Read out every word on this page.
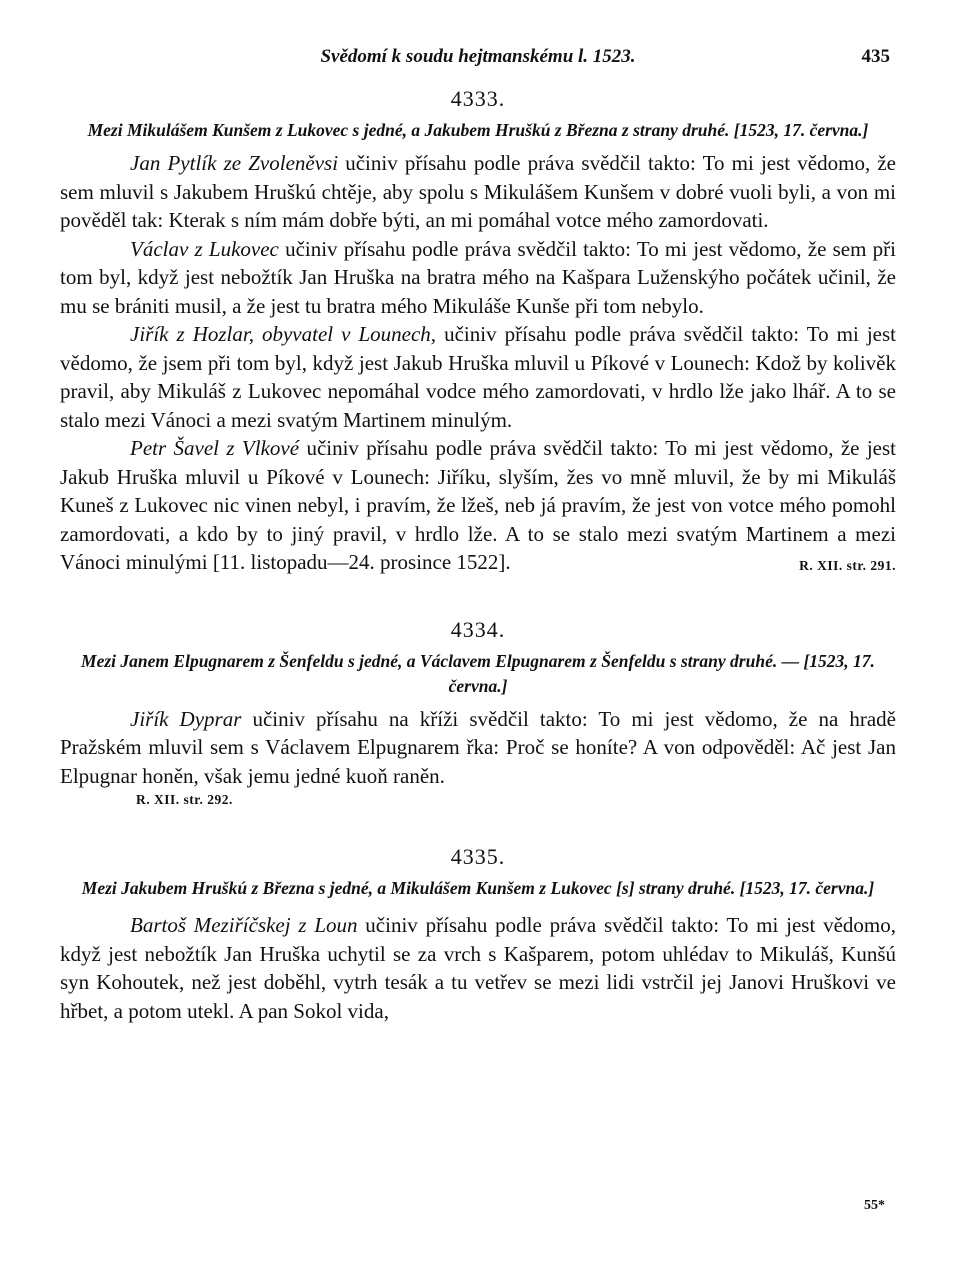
Svědomí k soudu hejtmanskému l. 1523.	435
4333.
Mezi Mikulášem Kunšem z Lukovec s jedné, a Jakubem Hruškú z Března z strany druhé. [1523, 17. června.]

Jan Pytlík ze Zvoleněvsi učiniv přísahu podle práva svědčil takto: To mi jest vědomo, že sem mluvil s Jakubem Hruškú chtěje, aby spolu s Mikulášem Kunšem v dobré vuoli byli, a von mi pověděl tak: Kterak s ním mám dobře býti, an mi pomáhal votce mého zamordovati.

Václav z Lukovec učiniv přísahu podle práva svědčil takto: To mi jest vědomo, že sem při tom byl, když jest nebožtík Jan Hruška na bratra mého na Kašpara Luženskýho počátek učinil, že mu se brániti musil, a že jest tu bratra mého Mikuláše Kunše při tom nebylo.

Jiřík z Hozlar, obyvatel v Lounech, učiniv přísahu podle práva svědčil takto: To mi jest vědomo, že jsem při tom byl, když jest Jakub Hruška mluvil u Píkové v Lounech: Kdož by kolivěk pravil, aby Mikuláš z Lukovec nepomáhal vodce mého zamordovati, v hrdlo lže jako lhář. A to se stalo mezi Vánoci a mezi svatým Martinem minulým.

Petr Šavel z Vlkové učiniv přísahu podle práva svědčil takto: To mi jest vědomo, že jest Jakub Hruška mluvil u Píkové v Lounech: Jiříku, slyším, žes vo mně mluvil, že by mi Mikuláš Kuneš z Lukovec nic vinen nebyl, i pravím, že lžeš, neb já pravím, že jest von votce mého pomohl zamordovati, a kdo by to jiný pravil, v hrdlo lže. A to se stalo mezi svatým Martinem a mezi Vánoci minulými [11. listopadu—24. prosince 1522].	R. XII. str. 291.

4334.
Mezi Janem Elpugnarem z Šenfeldu s jedné, a Václavem Elpugnarem z Šenfeldu s strany druhé. — [1523, 17. června.]

Jiřík Dyprar učiniv přísahu na kříži svědčil takto: To mi jest vědomo, že na hradě Pražském mluvil sem s Václavem Elpugnarem řka: Proč se honíte? A von odpověděl: Ač jest Jan Elpugnar honěn, však jemu jedné kuoň raněn.

R. XII. str. 292.
4335.
Mezi Jakubem Hruškú z Března s jedné, a Mikulášem Kunšem z Lukovec [s] strany druhé. [1523, 17. června.]

Bartoš Meziříčskej z Loun učiniv přísahu podle práva svědčil takto: To mi jest vědomo, když jest nebožtík Jan Hruška uchytil se za vrch s Kašparem, potom uhlédav to Mikuláš, Kunšú syn Kohoutek, než jest doběhl, vytrh tesák a tu vetřev se mezi lidi vstrčil jej Janovi Hruškovi ve hřbet, a potom utekl. A pan Sokol vida,

55*
